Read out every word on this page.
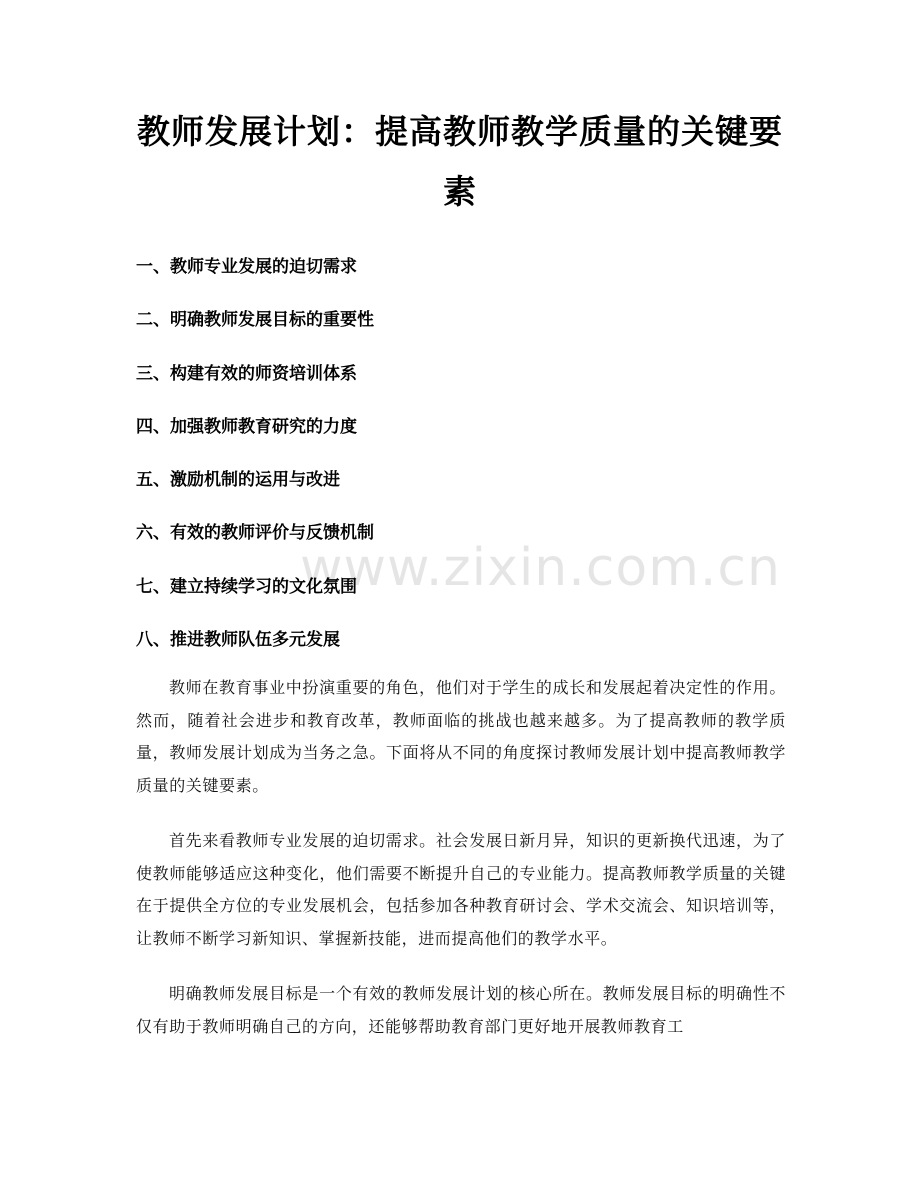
教师发展计划：提高教师教学质量的关键要素
一、教师专业发展的迫切需求
二、明确教师发展目标的重要性
三、构建有效的师资培训体系
四、加强教师教育研究的力度
五、激励机制的运用与改进
六、有效的教师评价与反馈机制
七、建立持续学习的文化氛围
八、推进教师队伍多元发展

教师在教育事业中扮演重要的角色，他们对于学生的成长和发展起着决定性的作用。然而，随着社会进步和教育改革，教师面临的挑战也越来越多。为了提高教师的教学质量，教师发展计划成为当务之急。下面将从不同的角度探讨教师发展计划中提高教师教学质量的关键要素。

首先来看教师专业发展的迫切需求。社会发展日新月异，知识的更新换代迅速，为了使教师能够适应这种变化，他们需要不断提升自己的专业能力。提高教师教学质量的关键在于提供全方位的专业发展机会，包括参加各种教育研讨会、学术交流会、知识培训等，让教师不断学习新知识、掌握新技能，进而提高他们的教学水平。

明确教师发展目标是一个有效的教师发展计划的核心所在。教师发展目标的明确性不仅有助于教师明确自己的方向，还能够帮助教育部门更好地开展教师教育工

www.zixin.com.cn
